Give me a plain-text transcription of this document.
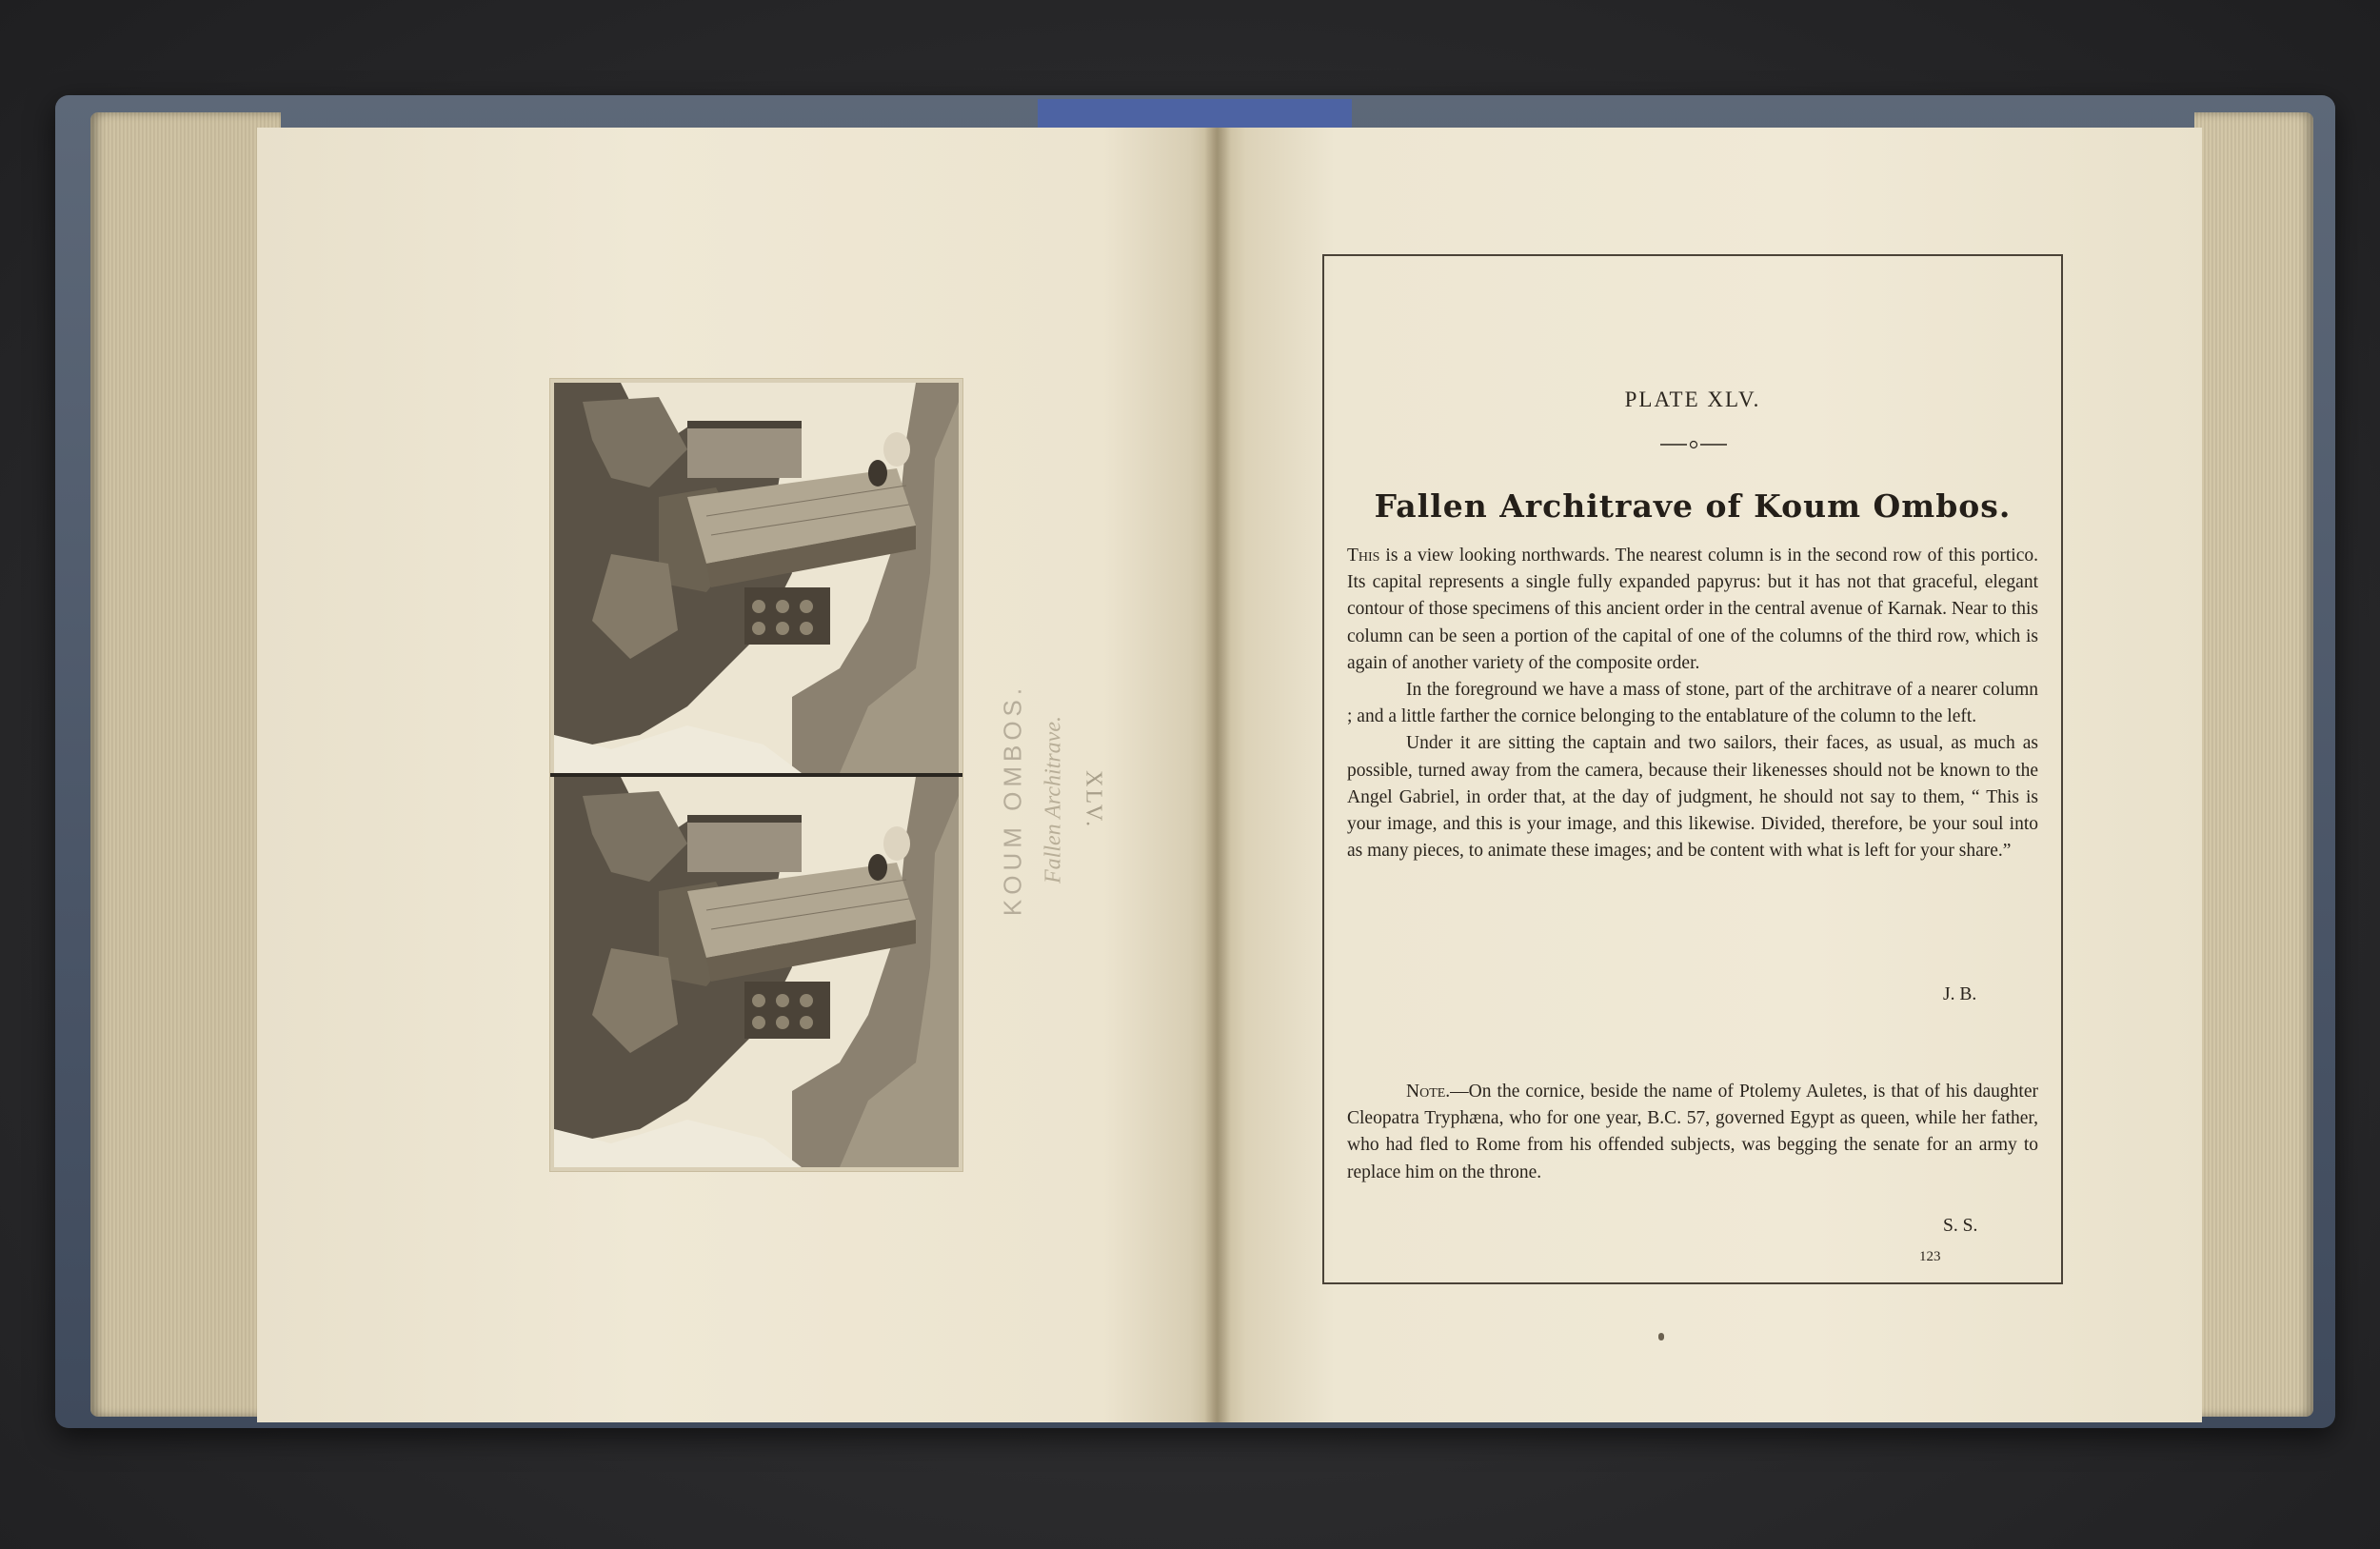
KOUM OMBOS. Fallen Architrave. XLV.
PLATE XLV.
Fallen Architrave of Koum Ombos.

This is a view looking northwards. The nearest column is in the second row of this portico. Its capital represents a single fully expanded papyrus: but it has not that graceful, elegant contour of those specimens of this ancient order in the central avenue of Karnak. Near to this column can be seen a portion of the capital of one of the columns of the third row, which is again of another variety of the composite order.

In the foreground we have a mass of stone, part of the architrave of a nearer column ; and a little farther the cornice belonging to the entablature of the column to the left.

Under it are sitting the captain and two sailors, their faces, as usual, as much as possible, turned away from the camera, because their likenesses should not be known to the Angel Gabriel, in order that, at the day of judgment, he should not say to them, “ This is your image, and this is your image, and this likewise. Divided, therefore, be your soul into as many pieces, to animate these images; and be content with what is left for your share.”

J. B.
Note.—On the cornice, beside the name of Ptolemy Auletes, is that of his daughter Cleopatra Tryphæna, who for one year, B.C. 57, governed Egypt as queen, while her father, who had fled to Rome from his offended subjects, was begging the senate for an army to replace him on the throne.
S. S.
123
